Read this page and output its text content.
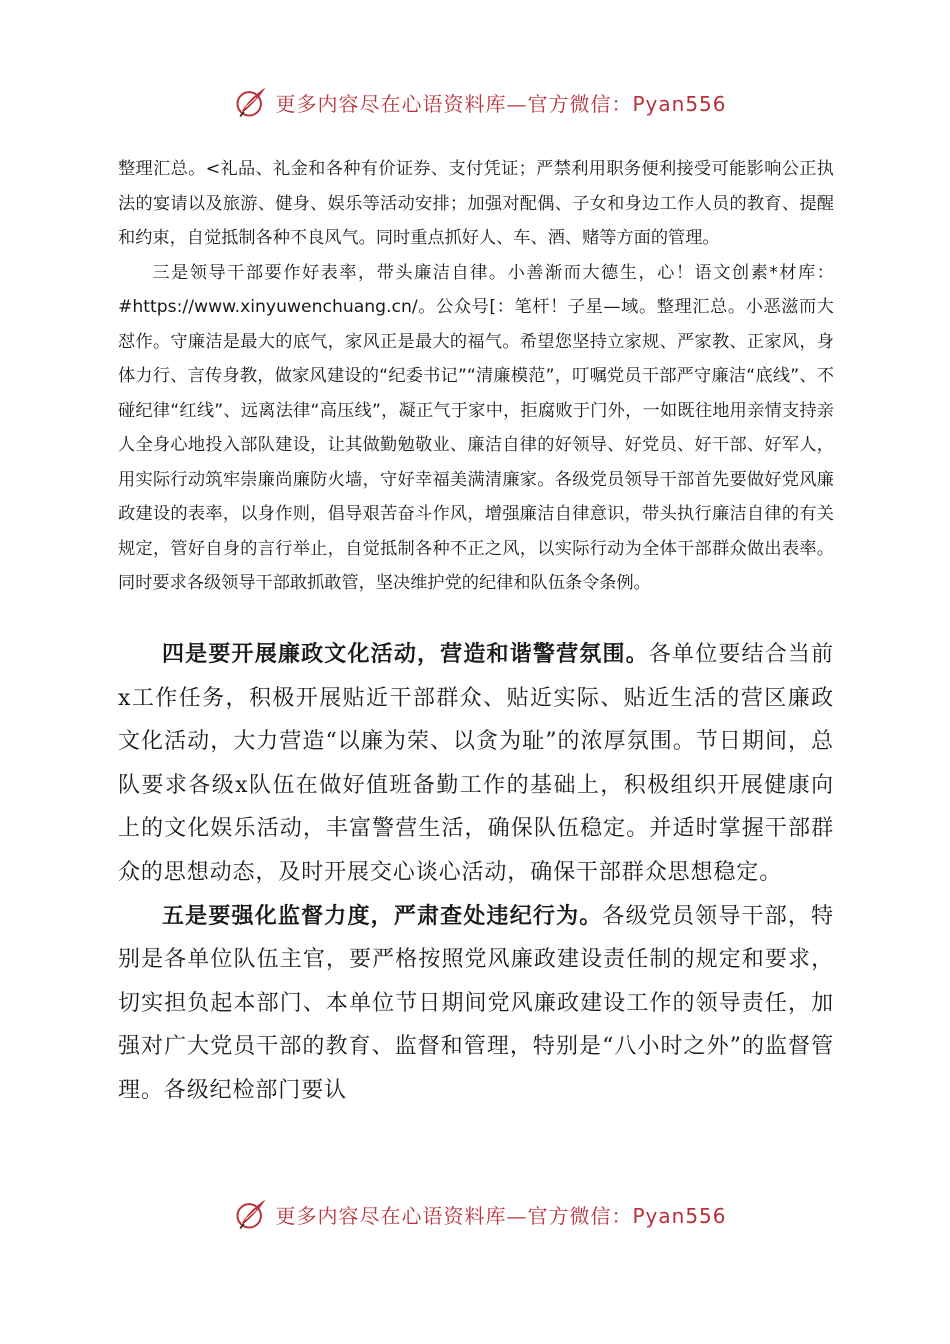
更多内容尽在心语资料库—官方微信：Pyan556

整理汇总。<礼品、礼金和各种有价证券、支付凭证；严禁利用职务便利接受可能影响公正执法的宴请以及旅游、健身、娱乐等活动安排；加强对配偶、子女和身边工作人员的教育、提醒和约束，自觉抵制各种不良风气。同时重点抓好人、车、酒、赌等方面的管理。

三是领导干部要作好表率，带头廉洁自律。小善渐而大德生，心！语文创素*材库：#https://www.xinyuwenchuang.cn/。公众号[：笔杆！子星—域。整理汇总。小恶滋而大怼作。守廉洁是最大的底气，家风正是最大的福气。希望您坚持立家规、严家教、正家风，身体力行、言传身教，做家风建设的“纪委书记”“清廉模范”，叮嘱党员干部严守廉洁“底线”、不碰纪律“红线”、远离法律“高压线”，凝正气于家中，拒腐败于门外，一如既往地用亲情支持亲人全身心地投入部队建设，让其做勤勉敬业、廉洁自律的好领导、好党员、好干部、好军人，用实际行动筑牢崇廉尚廉防火墙，守好幸福美满清廉家。各级党员领导干部首先要做好党风廉政建设的表率，以身作则，倡导艰苦奋斗作风，增强廉洁自律意识，带头执行廉洁自律的有关规定，管好自身的言行举止，自觉抵制各种不正之风，以实际行动为全体干部群众做出表率。同时要求各级领导干部敢抓敢管，坚决维护党的纪律和队伍条令条例。

四是要开展廉政文化活动，营造和谐警营氛围。各单位要结合当前x工作任务，积极开展贴近干部群众、贴近实际、贴近生活的营区廉政文化活动，大力营造“以廉为荣、以贪为耻”的浓厚氛围。节日期间，总队要求各级x队伍在做好值班备勤工作的基础上，积极组织开展健康向上的文化娱乐活动，丰富警营生活，确保队伍稳定。并适时掌握干部群众的思想动态，及时开展交心谈心活动，确保干部群众思想稳定。

五是要强化监督力度，严肃查处违纪行为。各级党员领导干部，特别是各单位队伍主官，要严格按照党风廉政建设责任制的规定和要求，切实担负起本部门、本单位节日期间党风廉政建设工作的领导责任，加强对广大党员干部的教育、监督和管理，特别是“八小时之外”的监督管理。各级纪检部门要认

更多内容尽在心语资料库—官方微信：Pyan556
